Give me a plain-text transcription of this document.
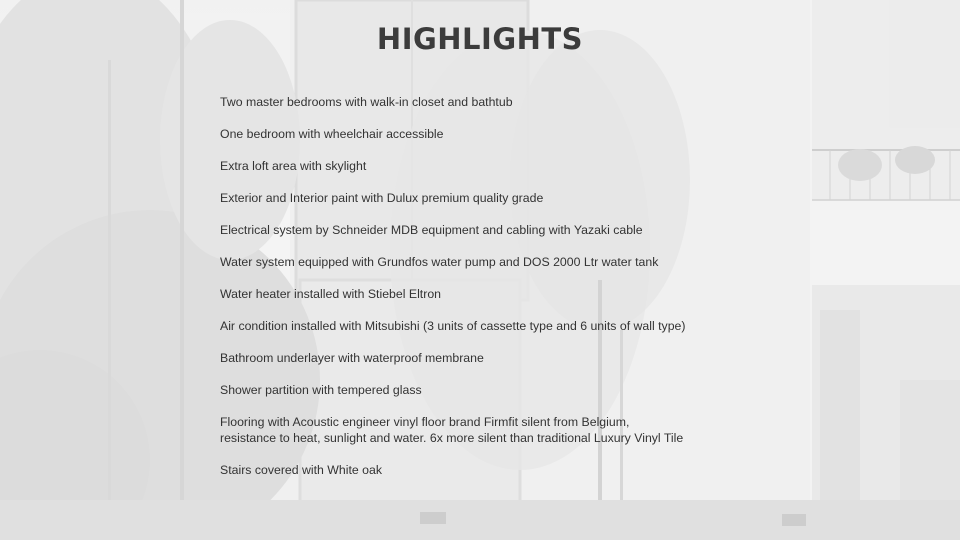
HIGHLIGHTS
Two master bedrooms with walk-in closet and bathtub
One bedroom with wheelchair accessible
Extra loft area with skylight
Exterior and Interior paint with Dulux premium quality grade
Electrical system by Schneider MDB equipment and cabling with Yazaki cable
Water system equipped with Grundfos water pump and DOS 2000 Ltr water tank
Water heater installed with Stiebel Eltron
Air condition installed with Mitsubishi (3 units of cassette type and 6 units of wall type)
Bathroom underlayer with waterproof membrane
Shower partition with tempered glass
Flooring with Acoustic engineer vinyl floor brand Firmfit silent from Belgium,
resistance to heat, sunlight and water. 6x more silent than traditional Luxury Vinyl Tile
Stairs covered with White oak
